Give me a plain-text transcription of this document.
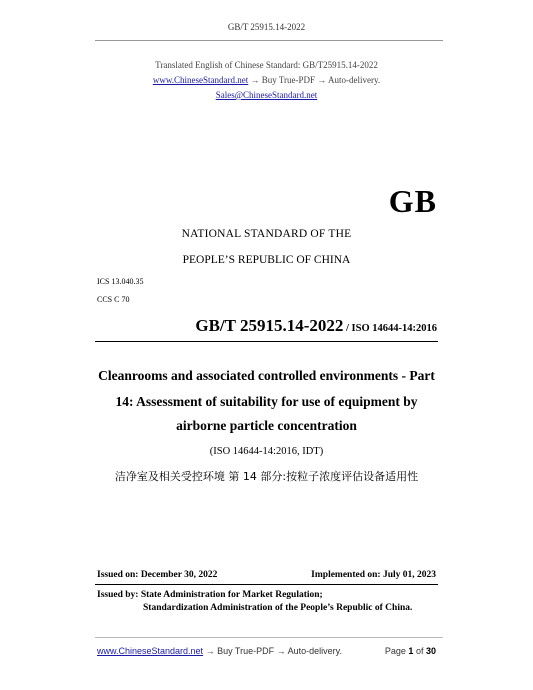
GB/T 25915.14-2022
Translated English of Chinese Standard: GB/T25915.14-2022
www.ChineseStandard.net → Buy True-PDF → Auto-delivery.
Sales@ChineseStandard.net
GB
NATIONAL STANDARD OF THE
PEOPLE’S REPUBLIC OF CHINA
ICS 13.040.35
CCS C 70
GB/T 25915.14-2022 / ISO 14644-14:2016
Cleanrooms and associated controlled environments - Part
14: Assessment of suitability for use of equipment by
airborne particle concentration
(ISO 14644-14:2016, IDT)
洁净室及相关受控环境 第 14 部分:按粒子浓度评估设备适用性
Issued on: December 30, 2022	Implemented on: July 01, 2023
Issued by: State Administration for Market Regulation;
Standardization Administration of the People’s Republic of China.
www.ChineseStandard.net → Buy True-PDF → Auto-delivery.	Page 1 of 30
